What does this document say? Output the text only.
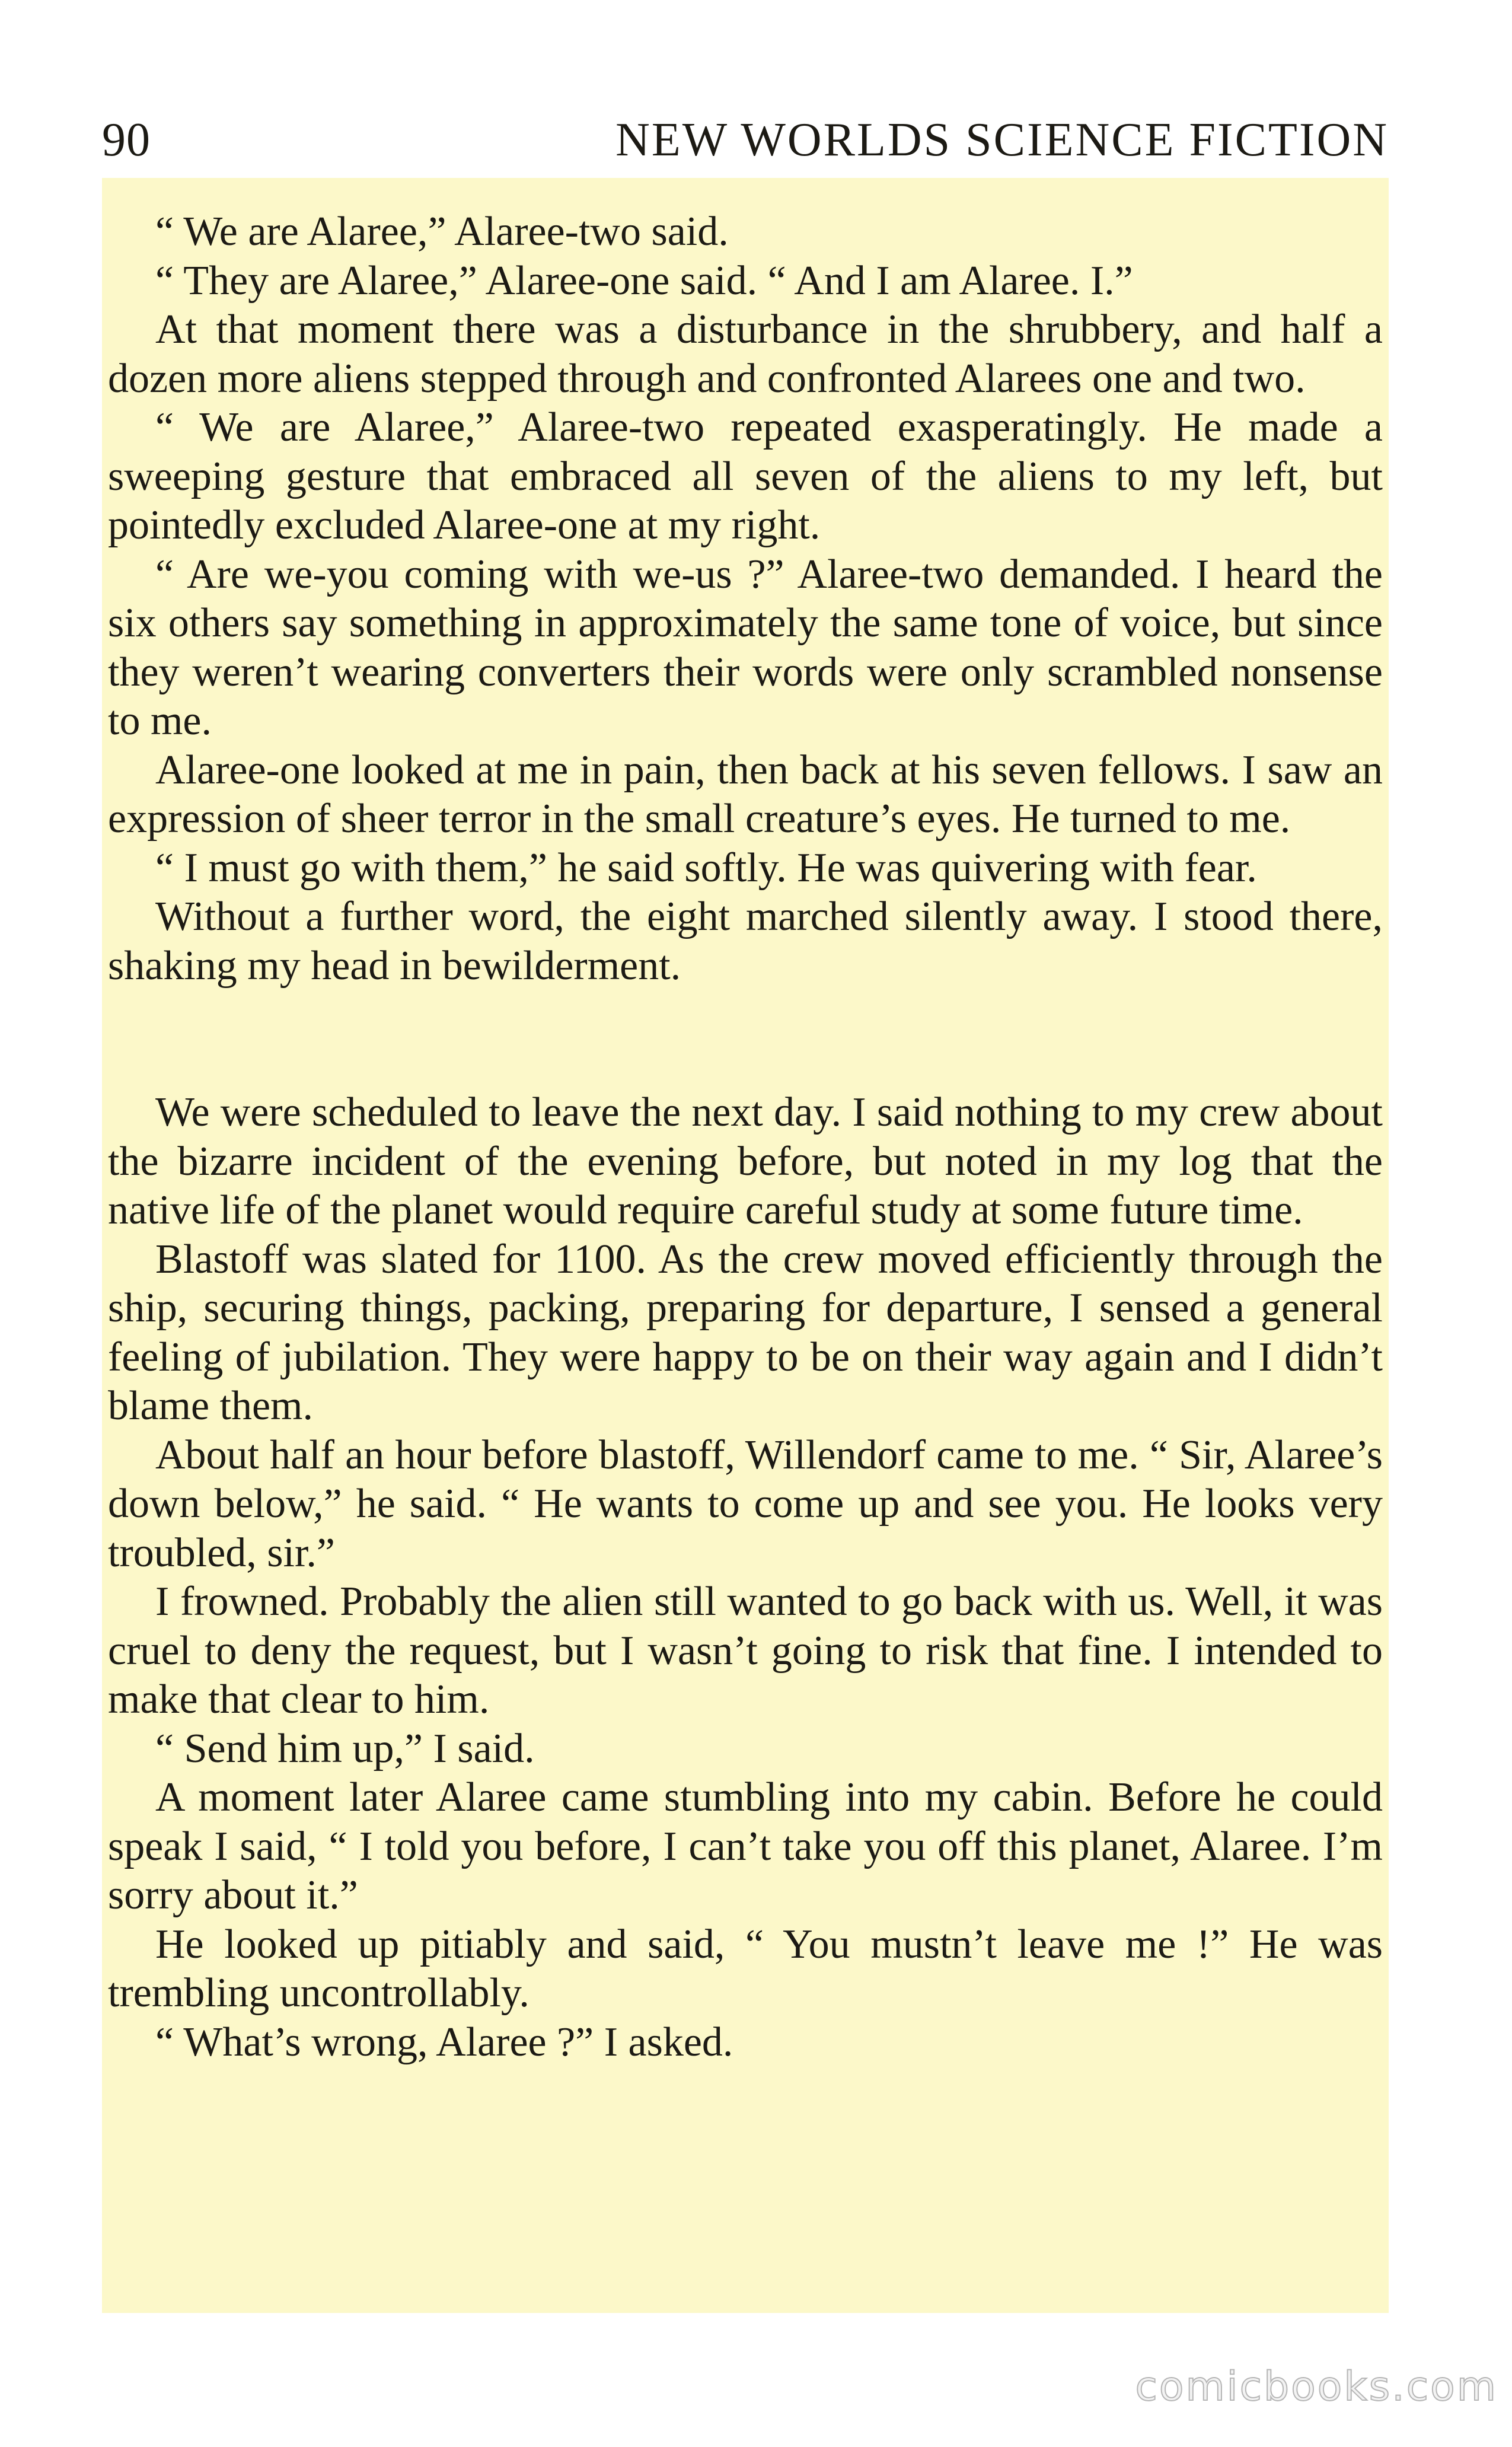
90	NEW WORLDS SCIENCE FICTION

“ We are Alaree,” Alaree-two said.

“ They are Alaree,” Alaree-one said. “ And I am Alaree. I.”

At that moment there was a disturbance in the shrubbery, and half a dozen more aliens stepped through and confronted Alarees one and two.

“ We are Alaree,” Alaree-two repeated exasperatingly. He made a sweeping gesture that embraced all seven of the aliens to my left, but pointedly excluded Alaree-one at my right.

“ Are we-you coming with we-us ?” Alaree-two demanded. I heard the six others say something in approximately the same tone of voice, but since they weren’t wearing converters their words were only scrambled nonsense to me.

Alaree-one looked at me in pain, then back at his seven fellows. I saw an expression of sheer terror in the small creature’s eyes. He turned to me.

“ I must go with them,” he said softly. He was quivering with fear.

Without a further word, the eight marched silently away. I stood there, shaking my head in bewilderment.

We were scheduled to leave the next day. I said nothing to my crew about the bizarre incident of the evening before, but noted in my log that the native life of the planet would require careful study at some future time.

Blastoff was slated for 1100. As the crew moved efficiently through the ship, securing things, packing, preparing for departure, I sensed a general feeling of jubilation. They were happy to be on their way again and I didn’t blame them.

About half an hour before blastoff, Willendorf came to me. “ Sir, Alaree’s down below,” he said. “ He wants to come up and see you. He looks very troubled, sir.”

I frowned. Probably the alien still wanted to go back with us. Well, it was cruel to deny the request, but I wasn’t going to risk that fine. I intended to make that clear to him.

“ Send him up,” I said.

A moment later Alaree came stumbling into my cabin. Before he could speak I said, “ I told you before, I can’t take you off this planet, Alaree. I’m sorry about it.”

He looked up pitiably and said, “ You mustn’t leave me !” He was trembling uncontrollably.

“ What’s wrong, Alaree ?” I asked.

comicbooks.com
